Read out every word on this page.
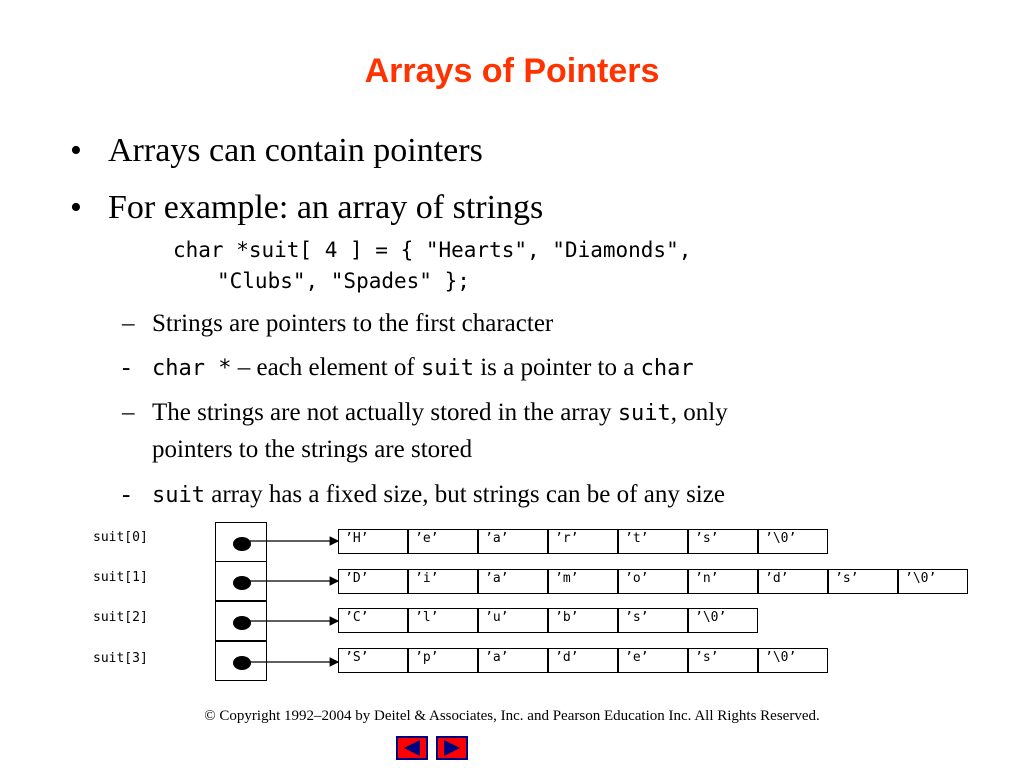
Arrays of Pointers
• Arrays can contain pointers
• For example: an array of strings
char *suit[ 4 ] = { "Hearts", "Diamonds",
"Clubs", "Spades" };
– Strings are pointers to the first character
- char * – each element of suit is a pointer to a char
– The strings are not actually stored in the array suit, only
pointers to the strings are stored
- suit array has a fixed size, but strings can be of any size
suit[0]
suit[1]
suit[2]
suit[3]
’H’	’e’	’a’	’r’	’t’	’s’	’\0’
’D’	’i’	’a’	’m’	’o’	’n’	’d’	’s’	’\0’
’C’	’l’	’u’	’b’	’s’	’\0’
’S’	’p’	’a’	’d’	’e’	’s’	’\0’
© Copyright 1992–2004 by Deitel & Associates, Inc. and Pearson Education Inc. All Rights Reserved.
